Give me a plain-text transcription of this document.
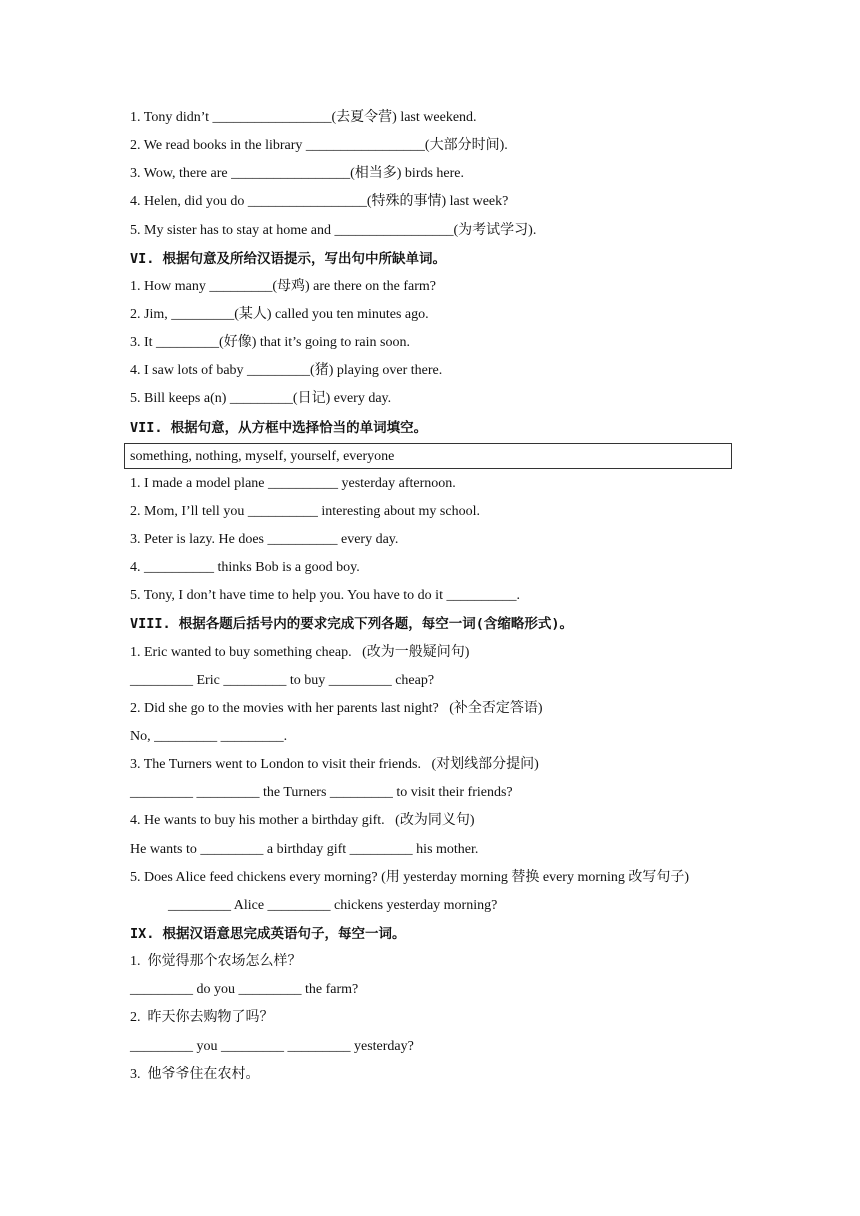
1. Tony didn’t _________________(去夏令营) last weekend.
2. We read books in the library _________________(大部分时间).
3. Wow, there are _________________(相当多) birds here.
4. Helen, did you do _________________(特殊的事情) last week?
5. My sister has to stay at home and _________________(为考试学习).
VI. 根据句意及所给汉语提示，写出句中所缺单词。
1. How many _________(母鸡) are there on the farm?
2. Jim, _________(某人) called you ten minutes ago.
3. It _________(好像) that it’s going to rain soon.
4. I saw lots of baby _________(猪) playing over there.
5. Bill keeps a(n) _________(日记) every day.
VII. 根据句意，从方框中选择恰当的单词填空。
something, nothing, myself, yourself, everyone
1. I made a model plane __________ yesterday afternoon.
2. Mom, I’ll tell you __________ interesting about my school.
3. Peter is lazy. He does __________ every day.
4. __________ thinks Bob is a good boy.
5. Tony, I don’t have time to help you. You have to do it __________.
VIII. 根据各题后括号内的要求完成下列各题，每空一词(含缩略形式)。
1. Eric wanted to buy something cheap.   (改为一般疑问句)
_________ Eric _________ to buy _________ cheap?
2. Did she go to the movies with her parents last night?   (补全否定答语)
No, _________ _________.
3. The Turners went to London to visit their friends.   (对划线部分提问)
_________ _________ the Turners _________ to visit their friends?
4. He wants to buy his mother a birthday gift.   (改为同义句)
He wants to _________ a birthday gift _________ his mother.
5. Does Alice feed chickens every morning? (用 yesterday morning 替换 every morning 改写句子)
_________ Alice _________ chickens yesterday morning?
IX. 根据汉语意思完成英语句子，每空一词。
1.  你觉得那个农场怎么样？
_________ do you _________ the farm?
2.  昨天你去购物了吗？
_________ you _________ _________ yesterday?
3.  他爷爷住在农村。
